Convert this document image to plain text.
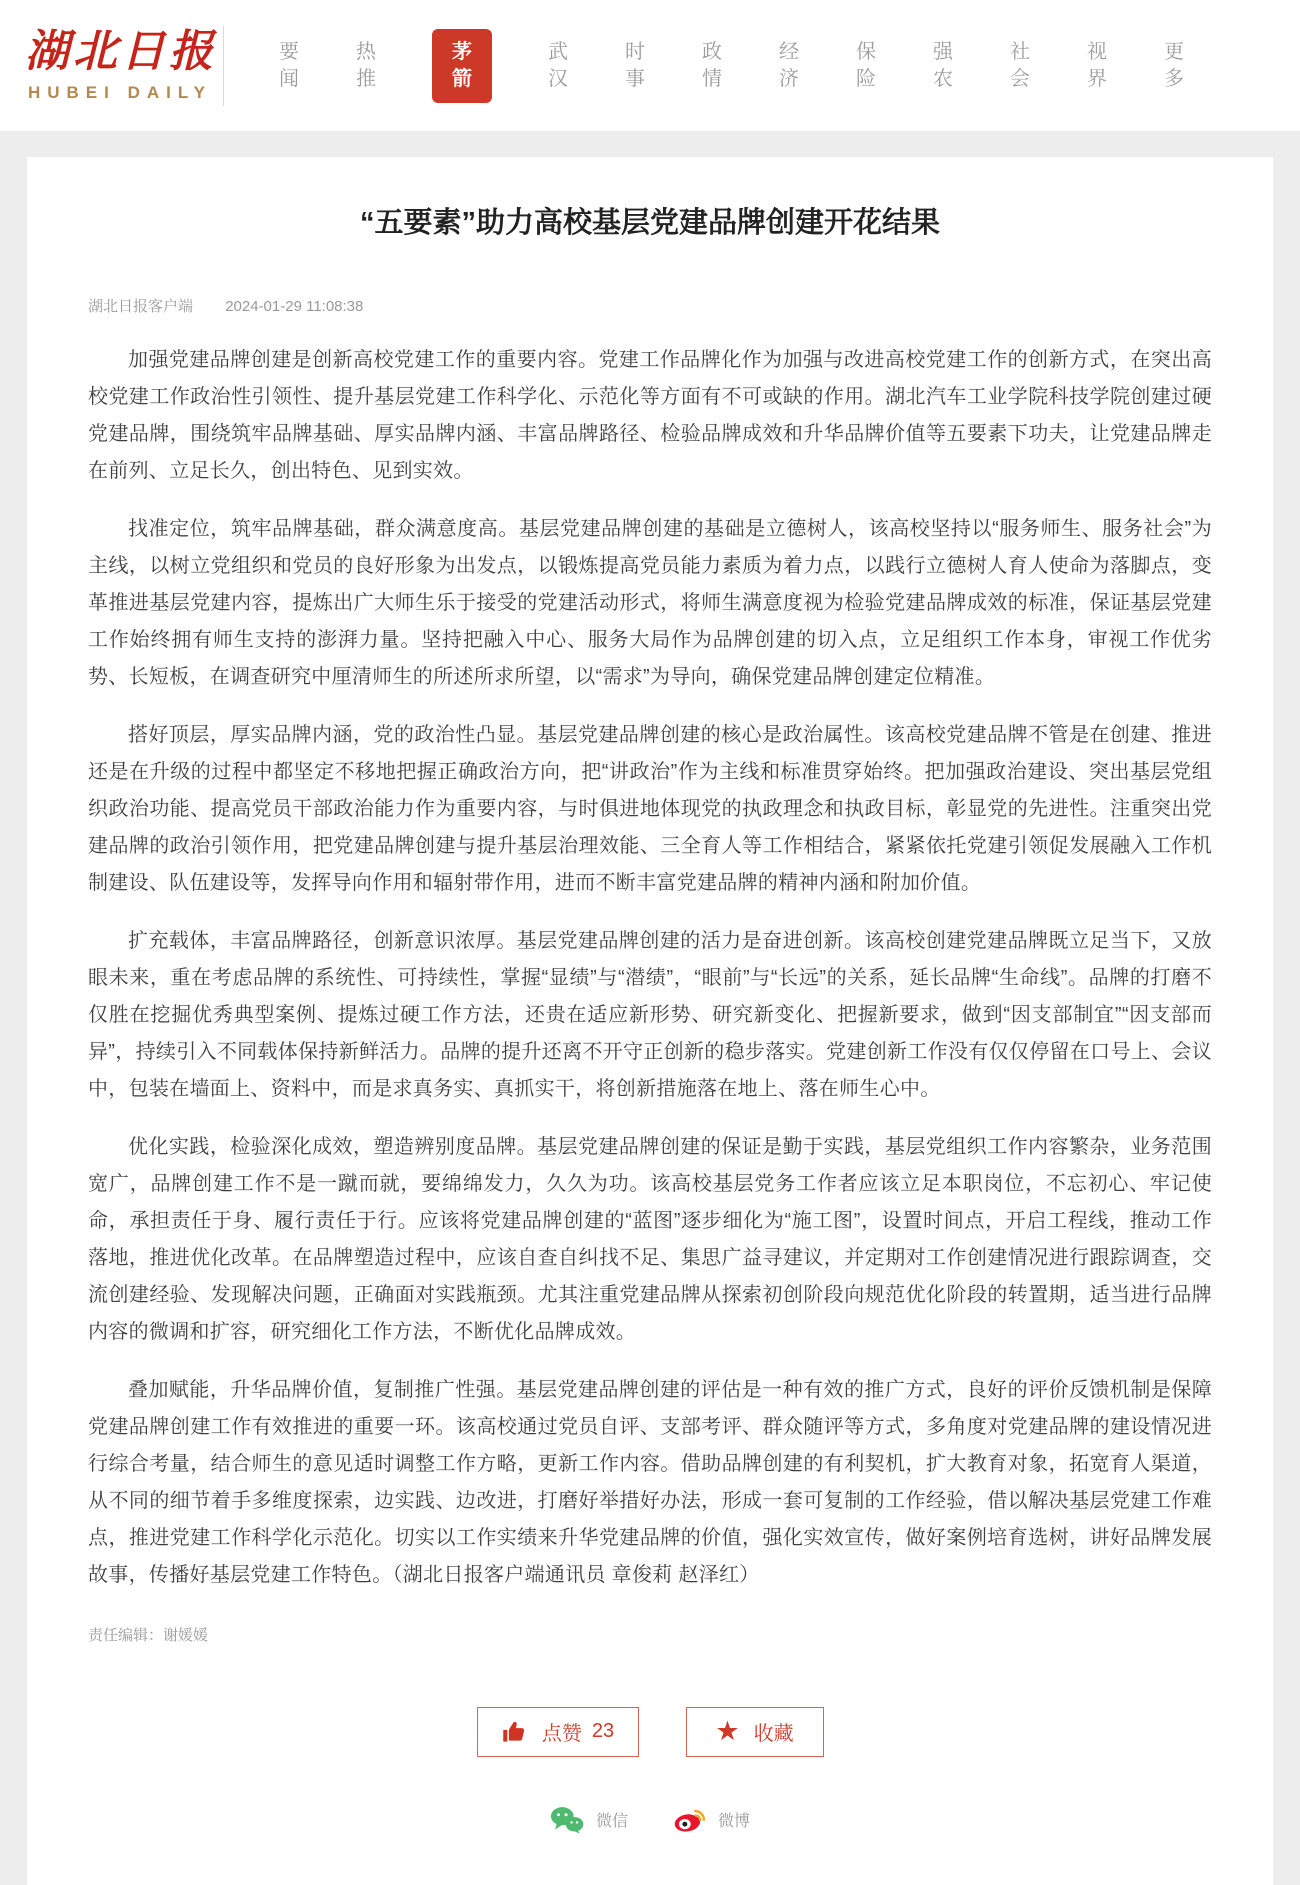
湖北日报
HUBEI DAILY
要闻
热推
茅箭
武汉
时事
政情
经济
保险
强农
社会
视界
更多
“五要素”助力高校基层党建品牌创建开花结果
湖北日报客户端 2024-01-29 11:08:38

加强党建品牌创建是创新高校党建工作的重要内容。党建工作品牌化作为加强与改进高校党建工作的创新方式，在突出高校党建工作政治性引领性、提升基层党建工作科学化、示范化等方面有不可或缺的作用。湖北汽车工业学院科技学院创建过硬党建品牌，围绕筑牢品牌基础、厚实品牌内涵、丰富品牌路径、检验品牌成效和升华品牌价值等五要素下功夫，让党建品牌走在前列、立足长久，创出特色、见到实效。

找准定位，筑牢品牌基础，群众满意度高。基层党建品牌创建的基础是立德树人，该高校坚持以“服务师生、服务社会”为主线，以树立党组织和党员的良好形象为出发点，以锻炼提高党员能力素质为着力点，以践行立德树人育人使命为落脚点，变革推进基层党建内容，提炼出广大师生乐于接受的党建活动形式，将师生满意度视为检验党建品牌成效的标准，保证基层党建工作始终拥有师生支持的澎湃力量。坚持把融入中心、服务大局作为品牌创建的切入点，立足组织工作本身，审视工作优劣势、长短板，在调查研究中厘清师生的所述所求所望，以“需求”为导向，确保党建品牌创建定位精准。

搭好顶层，厚实品牌内涵，党的政治性凸显。基层党建品牌创建的核心是政治属性。该高校党建品牌不管是在创建、推进还是在升级的过程中都坚定不移地把握正确政治方向，把“讲政治”作为主线和标准贯穿始终。把加强政治建设、突出基层党组织政治功能、提高党员干部政治能力作为重要内容，与时俱进地体现党的执政理念和执政目标，彰显党的先进性。注重突出党建品牌的政治引领作用，把党建品牌创建与提升基层治理效能、三全育人等工作相结合，紧紧依托党建引领促发展融入工作机制建设、队伍建设等，发挥导向作用和辐射带作用，进而不断丰富党建品牌的精神内涵和附加价值。

扩充载体，丰富品牌路径，创新意识浓厚。基层党建品牌创建的活力是奋进创新。该高校创建党建品牌既立足当下，又放眼未来，重在考虑品牌的系统性、可持续性，掌握“显绩”与“潜绩”，“眼前”与“长远”的关系，延长品牌“生命线”。品牌的打磨不仅胜在挖掘优秀典型案例、提炼过硬工作方法，还贵在适应新形势、研究新变化、把握新要求，做到“因支部制宜”“因支部而异”，持续引入不同载体保持新鲜活力。品牌的提升还离不开守正创新的稳步落实。党建创新工作没有仅仅停留在口号上、会议中，包装在墙面上、资料中，而是求真务实、真抓实干，将创新措施落在地上、落在师生心中。

优化实践，检验深化成效，塑造辨别度品牌。基层党建品牌创建的保证是勤于实践，基层党组织工作内容繁杂，业务范围宽广，品牌创建工作不是一蹴而就，要绵绵发力，久久为功。该高校基层党务工作者应该立足本职岗位，不忘初心、牢记使命，承担责任于身、履行责任于行。应该将党建品牌创建的“蓝图”逐步细化为“施工图”，设置时间点，开启工程线，推动工作落地，推进优化改革。在品牌塑造过程中，应该自查自纠找不足、集思广益寻建议，并定期对工作创建情况进行跟踪调查，交流创建经验、发现解决问题，正确面对实践瓶颈。尤其注重党建品牌从探索初创阶段向规范优化阶段的转置期，适当进行品牌内容的微调和扩容，研究细化工作方法，不断优化品牌成效。

叠加赋能，升华品牌价值，复制推广性强。基层党建品牌创建的评估是一种有效的推广方式，良好的评价反馈机制是保障党建品牌创建工作有效推进的重要一环。该高校通过党员自评、支部考评、群众随评等方式，多角度对党建品牌的建设情况进行综合考量，结合师生的意见适时调整工作方略，更新工作内容。借助品牌创建的有利契机，扩大教育对象，拓宽育人渠道，从不同的细节着手多维度探索，边实践、边改进，打磨好举措好办法，形成一套可复制的工作经验，借以解决基层党建工作难点，推进党建工作科学化示范化。切实以工作实绩来升华党建品牌的价值，强化实效宣传，做好案例培育选树，讲好品牌发展故事，传播好基层党建工作特色。（湖北日报客户端通讯员 章俊莉 赵泽红）

责任编辑：谢媛媛
点赞 23	★ 收藏
微信	微博
